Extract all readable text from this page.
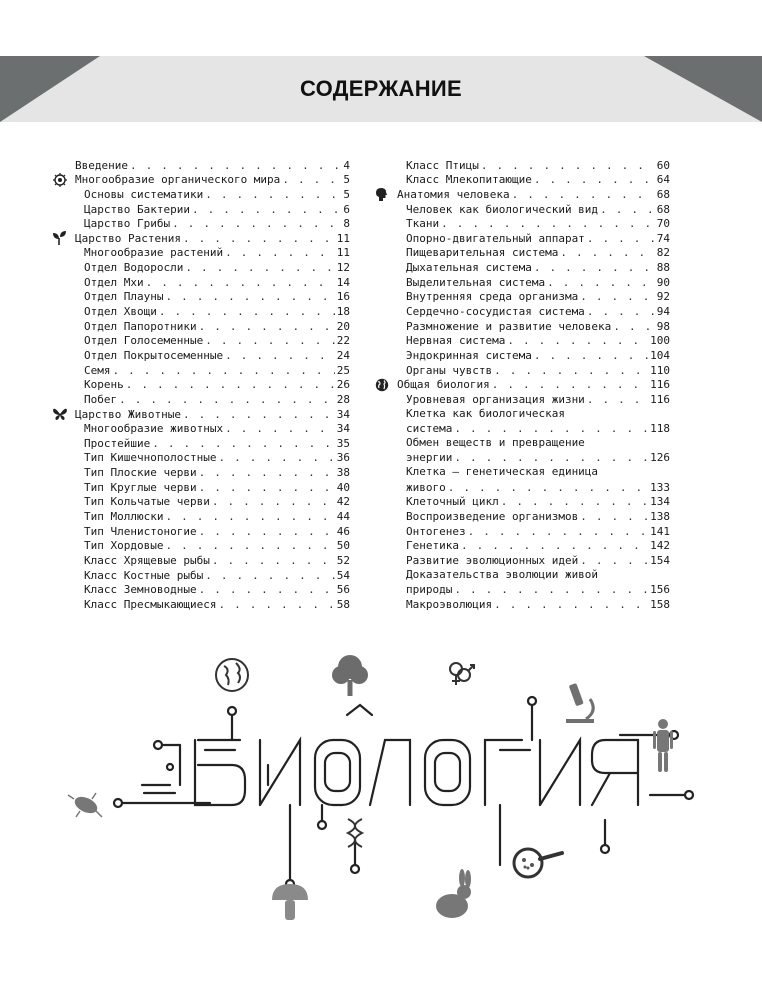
СОДЕРЖАНИЕ
Введение . . .	4
Многообразие органического мира . . .	5
Основы систематики . . .	5
Царство Бактерии . . .	6
Царство Грибы . . .	8
Царство Растения . . .	11
Многообразие растений . . .	11
Отдел Водоросли . . .	12
Отдел Мхи . . .	14
Отдел Плауны . . .	16
Отдел Хвощи . . .	18
Отдел Папоротники . . .	20
Отдел Голосеменные . . .	22
Отдел Покрытосеменные . . .	24
Семя . . .	25
Корень . . .	26
Побег . . .	28
Царство Животные . . .	34
Многообразие животных . . .	34
Простейшие . . .	35
Тип Кишечнополостные . . .	36
Тип Плоские черви . . .	38
Тип Круглые черви . . .	40
Тип Кольчатые черви . . .	42
Тип Моллюски . . .	44
Тип Членистоногие . . .	46
Тип Хордовые . . .	50
Класс Хрящевые рыбы . . .	52
Класс Костные рыбы . . .	54
Класс Земноводные . . .	56
Класс Пресмыкающиеся . . .	58
Класс Птицы . . .	60
Класс Млекопитающие . . .	64
Анатомия человека . . .	68
Человек как биологический вид . . .	68
Ткани . . .	70
Опорно-двигательный аппарат . . .	74
Пищеварительная система . . .	82
Дыхательная система . . .	88
Выделительная система . . .	90
Внутренняя среда организма . . .	92
Сердечно-сосудистая система . . .	94
Размножение и развитие человека . . .	98
Нервная система . . .	100
Эндокринная система . . .	104
Органы чувств . . .	110
Общая биология . . .	116
Уровневая организация жизни . . .	116
Клетка как биологическая
система . . .	118
Обмен веществ и превращение
энергии . . .	126
Клетка — генетическая единица
живого . . .	133
Клеточный цикл . . .	134
Воспроизведение организмов . . .	138
Онтогенез . . .	141
Генетика . . .	142
Развитие эволюционных идей . . .	154
Доказательства эволюции живой
природы . . .	156
Макроэволюция . . .	158
